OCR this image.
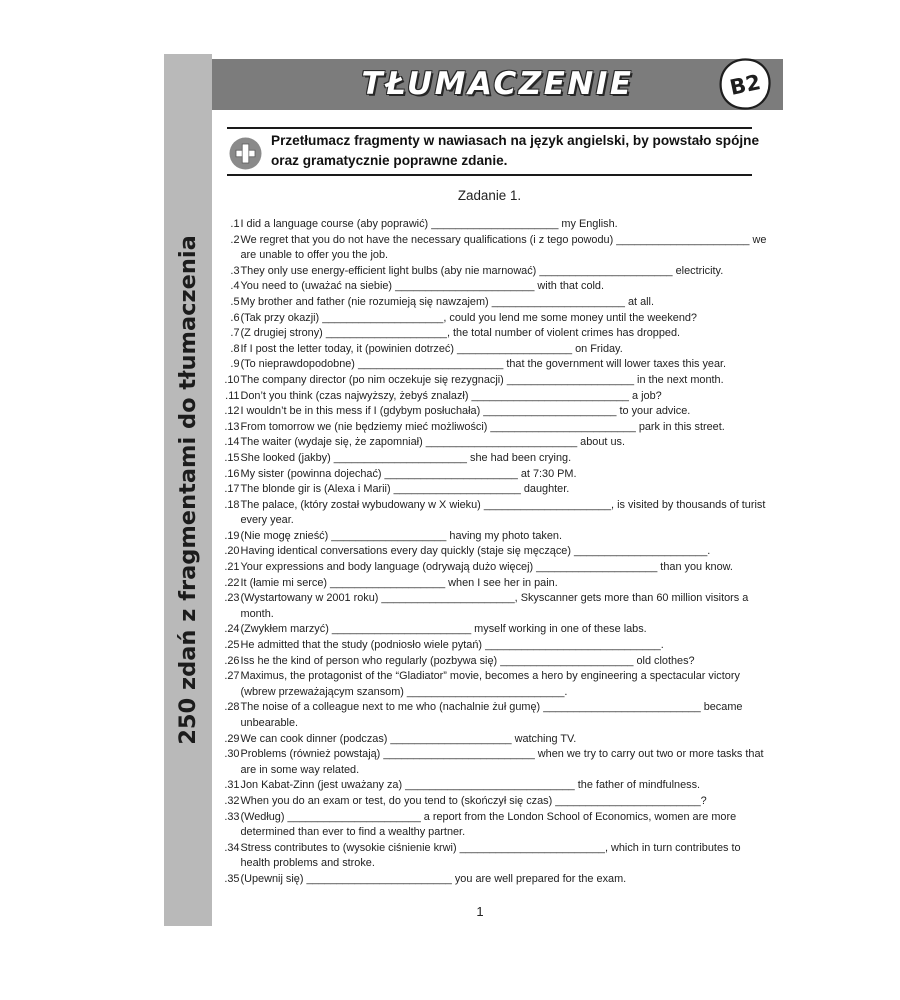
250 zdań z fragmentami do tłumaczenia
TŁUMACZENIE	B2
Przetłumacz fragmenty w nawiasach na język angielski, by powstało spójne oraz gramatycznie poprawne zdanie.
Zadanie 1.
1. I did a language course (aby poprawić) _____________________ my English.
2. We regret that you do not have the necessary qualifications (i z tego powodu) ______________________ we are unable to offer you the job.
3. They only use energy-efficient light bulbs (aby nie marnować) ______________________ electricity.
4. You need to (uważać na siebie) _______________________ with that cold.
5. My brother and father (nie rozumieją się nawzajem) ______________________ at all.
6. (Tak przy okazji) ____________________, could you lend me some money until the weekend?
7. (Z drugiej strony) ____________________, the total number of violent crimes has dropped.
8. If I post the letter today, it (powinien dotrzeć) ___________________ on Friday.
9. (To nieprawdopodobne) ________________________ that the government will lower taxes this year.
10. The company director (po nim oczekuje się rezygnacji) _____________________ in the next month.
11. Don’t you think (czas najwyższy, żebyś znalazł) __________________________ a job?
12. I wouldn’t be in this mess if I (gdybym posłuchała) ______________________ to your advice.
13. From tomorrow we (nie będziemy mieć możliwości) ________________________ park in this street.
14. The waiter (wydaje się, że zapomniał) _________________________ about us.
15. She looked (jakby) ______________________ she had been crying.
16. My sister (powinna dojechać) ______________________ at 7:30 PM.
17. The blonde gir is (Alexa i Marii) _____________________ daughter.
18. The palace, (który został wybudowany w X wieku) _____________________, is visited by thousands of turist every year.
19. (Nie mogę znieść) ___________________ having my photo taken.
20. Having identical conversations every day quickly (staje się męczące) ______________________.
21. Your expressions and body language (odrywają dużo więcej) ____________________ than you know.
22. It (łamie mi serce) ___________________ when I see her in pain.
23. (Wystartowany w 2001 roku) ______________________, Skyscanner gets more than 60 million visitors a month.
24. (Zwykłem marzyć) _______________________ myself working in one of these labs.
25. He admitted that the study (podniosło wiele pytań) _____________________________.
26. Iss he the kind of person who regularly (pozbywa się) ______________________ old clothes?
27. Maximus, the protagonist of the “Gladiator” movie, becomes a hero by engineering a spectacular victory (wbrew przeważającym szansom) __________________________.
28. The noise of a colleague next to me who (nachalnie żuł gumę) __________________________ became unbearable.
29. We can cook dinner (podczas) ____________________ watching TV.
30. Problems (również powstają) _________________________ when we try to carry out two or more tasks that are in some way related.
31. Jon Kabat-Zinn (jest uważany za) ____________________________ the father of mindfulness.
32. When you do an exam or test, do you tend to (skończył się czas) ________________________?
33. (Według) ______________________ a report from the London School of Economics, women are more determined than ever to find a wealthy partner.
34. Stress contributes to (wysokie ciśnienie krwi) ________________________, which in turn contributes to health problems and stroke.
35. (Upewnij się) ________________________ you are well prepared for the exam.
1
